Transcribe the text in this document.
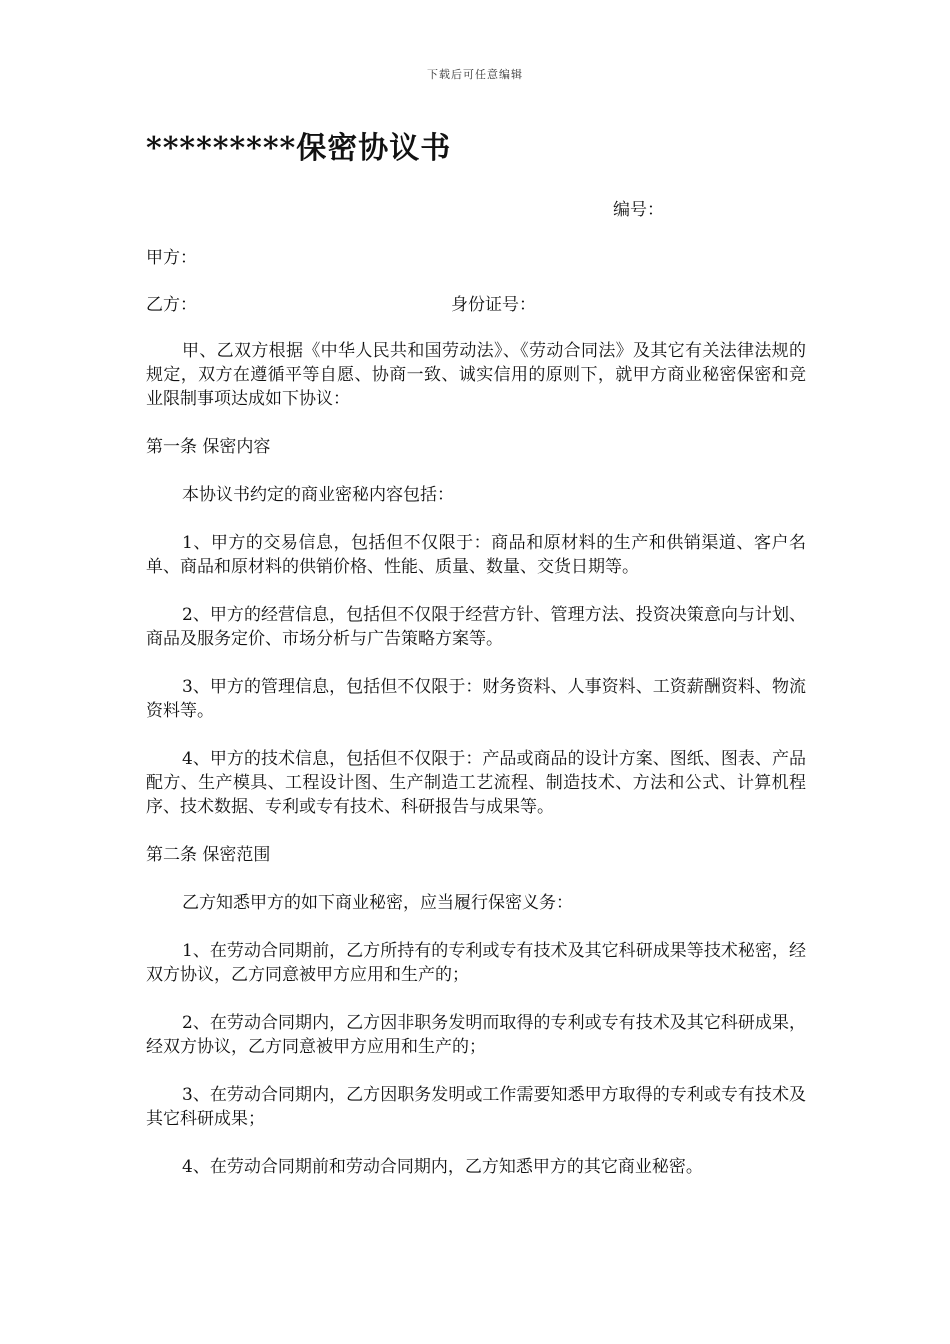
下载后可任意编辑
*********保密协议书
编号：
甲方：
乙方：	身份证号：

甲、乙双方根据《中华人民共和国劳动法》、《劳动合同法》及其它有关法律法规的规定，双方在遵循平等自愿、协商一致、诚实信用的原则下，就甲方商业秘密保密和竞业限制事项达成如下协议：

第一条 保密内容

本协议书约定的商业密秘内容包括：

1、甲方的交易信息，包括但不仅限于：商品和原材料的生产和供销渠道、客户名单、商品和原材料的供销价格、性能、质量、数量、交货日期等。

2、甲方的经营信息，包括但不仅限于经营方针、管理方法、投资决策意向与计划、商品及服务定价、市场分析与广告策略方案等。

3、甲方的管理信息，包括但不仅限于：财务资料、人事资料、工资薪酬资料、物流资料等。

4、甲方的技术信息，包括但不仅限于：产品或商品的设计方案、图纸、图表、产品配方、生产模具、工程设计图、生产制造工艺流程、制造技术、方法和公式、计算机程序、技术数据、专利或专有技术、科研报告与成果等。

第二条 保密范围

乙方知悉甲方的如下商业秘密，应当履行保密义务：

1、在劳动合同期前，乙方所持有的专利或专有技术及其它科研成果等技术秘密，经双方协议，乙方同意被甲方应用和生产的；

2、在劳动合同期内，乙方因非职务发明而取得的专利或专有技术及其它科研成果，经双方协议，乙方同意被甲方应用和生产的；

3、在劳动合同期内，乙方因职务发明或工作需要知悉甲方取得的专利或专有技术及其它科研成果；

4、在劳动合同期前和劳动合同期内，乙方知悉甲方的其它商业秘密。
